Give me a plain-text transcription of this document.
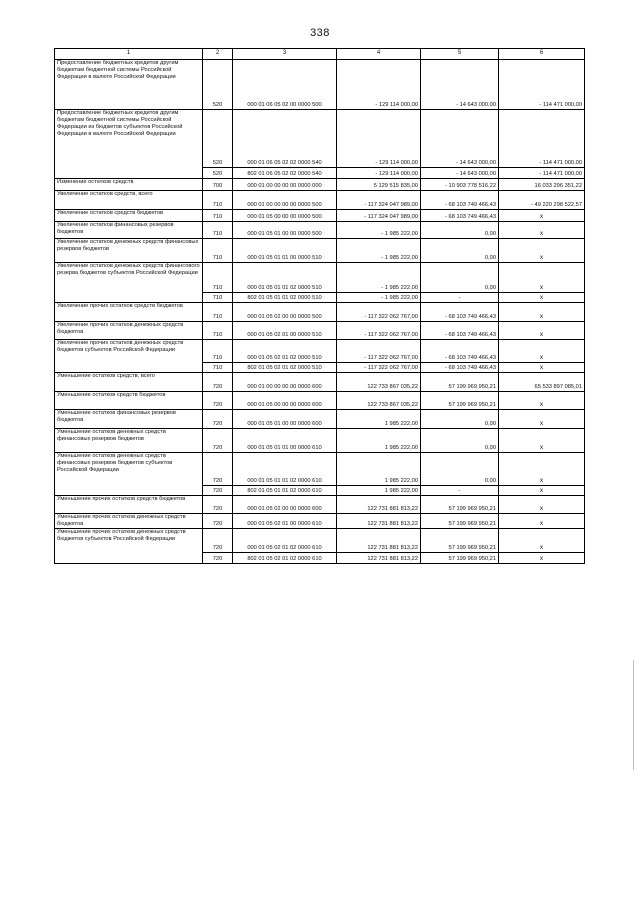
338
1	2	3	4	5	6
Предоставление бюджетных кредитов другим бюджетам бюджетной системы Российской Федерации в валюте Российской Федерации	520	000 01 06 05 02 00 0000 500	- 129 114 000,00	- 14 643 000,00	- 114 471 000,00
Предоставление бюджетных кредитов другим бюджетам бюджетной системы Российской Федерации из бюджетов субъектов Российской Федерации в валюте Российской Федерации	520	000 01 06 05 02 02 0000 540	- 129 114 000,00	- 14 643 000,00	- 114 471 000,00
	520	802 01 06 05 02 02 0000 540	- 129 114 000,00	- 14 643 000,00	- 114 471 000,00
Изменение остатков средств	700	000 01 00 00 00 00 0000 000	5 129 515 835,00	- 10 903 778 516,22	16 033 296 351,22
Увеличение остатков средств, всего	710	000 01 00 00 00 00 0000 500	- 117 324 047 989,00	- 68 103 749 466,43	- 49 220 298 522,57
Увеличение остатков средств бюджетов	710	000 01 05 00 00 00 0000 500	- 117 324 047 989,00	- 68 103 749 466,43	x
Увеличение остатков финансовых резервов бюджетов	710	000 01 05 01 00 00 0000 500	- 1 985 222,00	0,00	x
Увеличение остатков денежных средств финансовых резервов бюджетов	710	000 01 05 01 01 00 0000 510	- 1 985 222,00	0,00	x
Увеличение остатков денежных средств финансового резерва бюджетов субъектов Российской Федерации	710	000 01 05 01 01 02 0000 510	- 1 985 222,00	0,00	x
	710	802 01 05 01 01 02 0000 510	- 1 985 222,00	-	x
Увеличение прочих остатков средств бюджетов	710	000 01 05 02 00 00 0000 500	- 117 322 062 767,00	- 68 103 749 466,43	x
Увеличение прочих остатков денежных средств бюджетов	710	000 01 05 02 01 00 0000 510	- 117 322 062 767,00	- 68 103 749 466,43	x
Увеличение прочих остатков денежных средств бюджетов субъектов Российской Федерации	710	000 01 05 02 01 02 0000 510	- 117 322 062 767,00	- 68 103 749 466,43	x
	710	802 01 05 02 01 02 0000 510	- 117 322 062 767,00	- 68 103 749 466,43	x
Уменьшение остатков средств, всего	720	000 01 00 00 00 00 0000 600	122 733 867 035,22	57 199 969 950,21	65 533 897 085,01
Уменьшение остатков средств бюджетов	720	000 01 05 00 00 00 0000 600	122 733 867 035,22	57 199 969 950,21	x
Уменьшение остатков финансовых резервов бюджетов	720	000 01 05 01 00 00 0000 600	1 985 222,00	0,00	x
Уменьшение остатков денежных средств финансовых резервов бюджетов	720	000 01 05 01 01 00 0000 610	1 985 222,00	0,00	x
Уменьшение остатков денежных средств финансовых резервов бюджетов субъектов Российской Федерации	720	000 01 05 01 01 02 0000 610	1 985 222,00	0,00	x
	720	802 01 05 01 01 02 0000 610	1 985 222,00	-	x
Уменьшение прочих остатков средств бюджетов	720	000 01 05 02 00 00 0000 600	122 731 881 813,22	57 199 969 950,21	x
Уменьшение прочих остатков денежных средств бюджетов	720	000 01 05 02 01 00 0000 610	122 731 881 813,22	57 199 969 950,21	x
Уменьшение прочих остатков денежных средств бюджетов субъектов Российской Федерации	720	000 01 05 02 01 02 0000 610	122 731 881 813,22	57 199 969 950,21	x
	720	802 01 05 02 01 02 0000 610	122 731 881 813,22	57 199 969 950,21	x
